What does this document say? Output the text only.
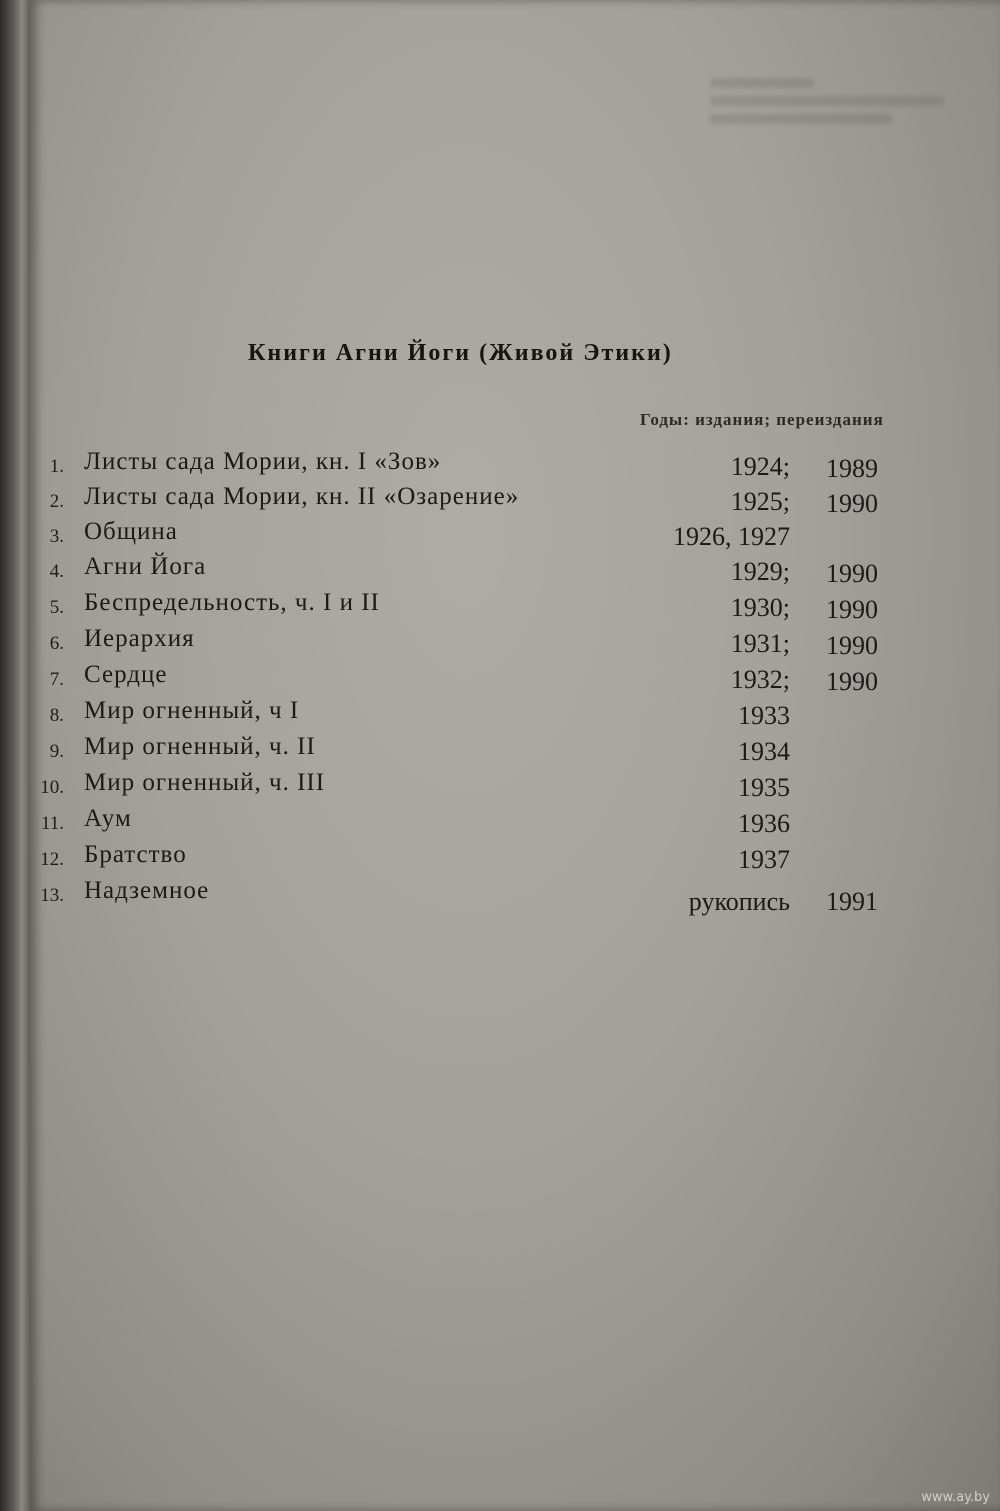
Книги Агни Йоги (Живой Этики)
Годы: издания; переиздания
1. Листы сада Мории, кн. I «Зов»	1924; 1989
2. Листы сада Мории, кн. II «Озарение»	1925; 1990
3. Община	1926, 1927
4. Агни Йога	1929; 1990
5. Беспредельность, ч. I и II	1930; 1990
6. Иерархия	1931; 1990
7. Сердце	1932; 1990
8. Мир огненный, ч I	1933
9. Мир огненный, ч. II	1934
10. Мир огненный, ч. III	1935
11. Аум	1936
12. Братство	1937
13. Надземное	рукопись 1991
www.ay.by
